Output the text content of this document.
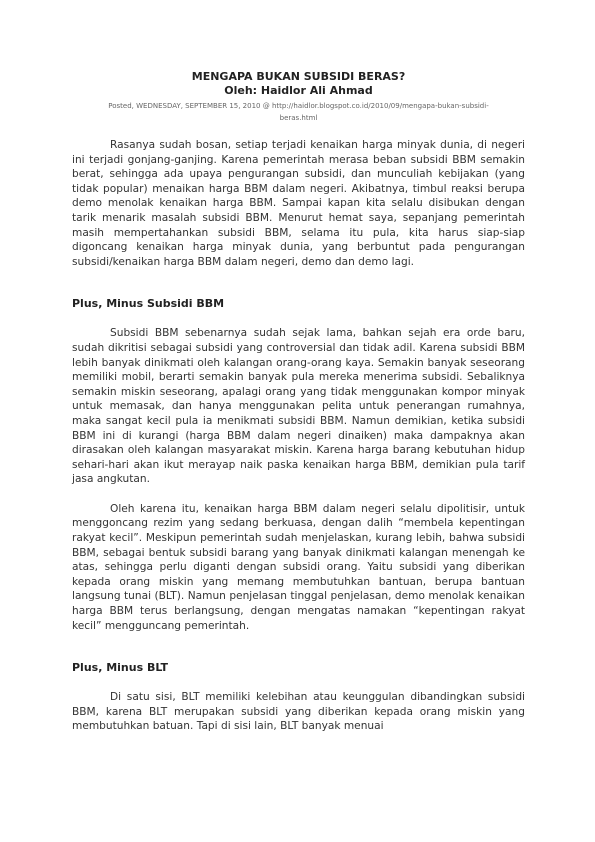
MENGAPA BUKAN SUBSIDI BERAS?
Oleh: Haidlor Ali Ahmad
Posted, WEDNESDAY, SEPTEMBER 15, 2010 @ http://haidlor.blogspot.co.id/2010/09/mengapa-bukan-subsidi-beras.html

Rasanya sudah bosan, setiap terjadi kenaikan harga minyak dunia, di negeri ini terjadi gonjang-ganjing. Karena pemerintah merasa beban subsidi BBM semakin berat, sehingga ada upaya pengurangan subsidi, dan munculiah kebijakan (yang tidak popular) menaikan harga BBM dalam negeri. Akibatnya, timbul reaksi berupa demo menolak kenaikan harga BBM. Sampai kapan kita selalu disibukan dengan tarik menarik masalah subsidi BBM. Menurut hemat saya, sepanjang pemerintah masih mempertahankan subsidi BBM, selama itu pula, kita harus siap-siap digoncang kenaikan harga minyak dunia, yang berbuntut pada pengurangan subsidi/kenaikan harga BBM dalam negeri, demo dan demo lagi.

Plus, Minus Subsidi BBM

Subsidi BBM sebenarnya sudah sejak lama, bahkan sejah era orde baru, sudah dikritisi sebagai subsidi yang controversial dan tidak adil. Karena subsidi BBM lebih banyak dinikmati oleh kalangan orang-orang kaya. Semakin banyak seseorang memiliki mobil, berarti semakin banyak pula mereka menerima subsidi. Sebaliknya semakin miskin seseorang, apalagi orang yang tidak menggunakan kompor minyak untuk memasak, dan hanya menggunakan pelita untuk penerangan rumahnya, maka sangat kecil pula ia menikmati subsidi BBM. Namun demikian, ketika subsidi BBM ini di kurangi (harga BBM dalam negeri dinaiken) maka dampaknya akan dirasakan oleh kalangan masyarakat miskin. Karena harga barang kebutuhan hidup sehari-hari akan ikut merayap naik paska kenaikan harga BBM, demikian pula tarif jasa angkutan.

Oleh karena itu, kenaikan harga BBM dalam negeri selalu dipolitisir, untuk menggoncang rezim yang sedang berkuasa, dengan dalih “membela kepentingan rakyat kecil”. Meskipun pemerintah sudah menjelaskan, kurang lebih, bahwa subsidi BBM, sebagai bentuk subsidi barang yang banyak dinikmati kalangan menengah ke atas, sehingga perlu diganti dengan subsidi orang. Yaitu subsidi yang diberikan kepada orang miskin yang memang membutuhkan bantuan, berupa bantuan langsung tunai (BLT). Namun penjelasan tinggal penjelasan, demo menolak kenaikan harga BBM terus berlangsung, dengan mengatas namakan “kepentingan rakyat kecil” mengguncang pemerintah.

Plus, Minus BLT

Di satu sisi, BLT memiliki kelebihan atau keunggulan dibandingkan subsidi BBM, karena BLT merupakan subsidi yang diberikan kepada orang miskin yang membutuhkan batuan. Tapi di sisi lain, BLT banyak menuai
